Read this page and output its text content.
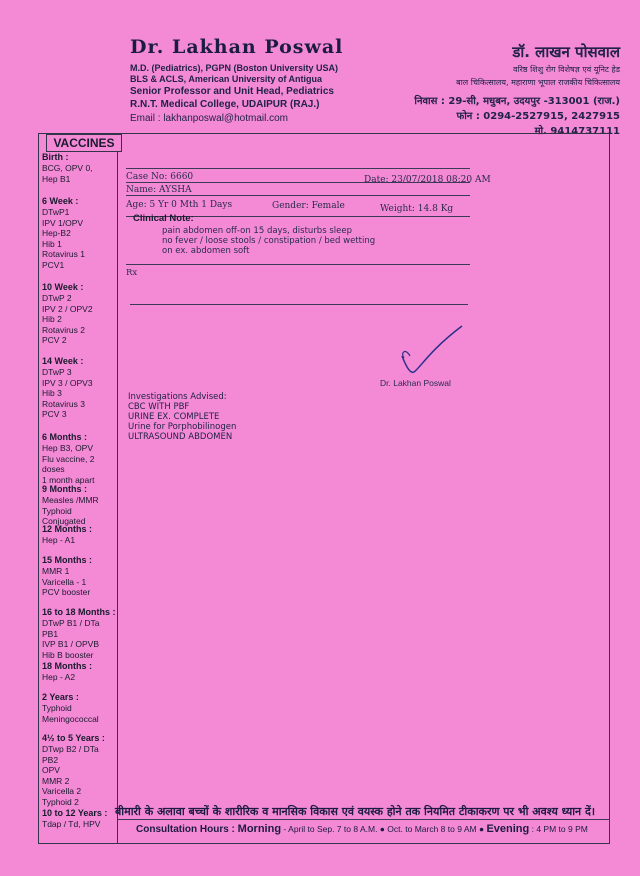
Dr. Lakhan Poswal
M.D. (Pediatrics), PGPN (Boston University USA)
BLS & ACLS, American University of Antigua
Senior Professor and Unit Head, Pediatrics
R.N.T. Medical College, UDAIPUR (RAJ.)
Email : lakhanposwal@hotmail.com
डॉ. लाखन पोसवाल
वरिष्ठ शिशु रोग विशेषज्ञ एवं यूनिट हेड
बाल चिकित्सालय, महाराणा भूपाल राजकीय चिकित्सालय
निवास : 29-सी, मधुबन, उदयपुर -313001 (राज.)
फोन : 0294-2527915, 2427915
मो. 9414737111
VACCINES
Birth :
BCG, OPV 0,
Hep B1
6 Week :
DTwP1
IPV 1/OPV
Hep-B2
Hib 1
Rotavirus 1
PCV1
10 Week :
DTwP 2
IPV 2 / OPV2
Hib 2
Rotavirus 2
PCV 2
14 Week :
DTwP 3
IPV 3 / OPV3
Hib 3
Rotavirus 3
PCV 3
6 Months :
Hep B3, OPV
Flu vaccine, 2 doses
1 month apart
9 Months :
Measles /MMR
Typhoid Conjugated
12 Months :
Hep - A1
15 Months :
MMR 1
Varicella - 1
PCV booster
16 to 18 Months :
DTwP B1 / DTa PB1
IVP B1 / OPVB
Hib B booster
18 Months :
Hep - A2
2 Years :
Typhoid
Meningococcal
4½ to 5 Years :
DTwp B2 / DTa PB2
OPV
MMR 2
Varicella 2
Typhoid 2
10 to 12 Years :
Tdap / Td, HPV
Case No: 6660	Date: 23/07/2018 08:20 AM
Name: AYSHA
Age: 5 Yr 0 Mth 1 Days	Gender: Female	Weight: 14.8 Kg
Clinical Note:
pain abdomen off-on 15 days, disturbs sleep
no fever / loose stools / constipation / bed wetting
on ex. abdomen soft
Rx
Dr. Lakhan Poswal
Investigations Advised:
CBC WITH PBF
URINE EX. COMPLETE
Urine for Porphobilinogen
ULTRASOUND ABDOMEN
बीमारी के अलावा बच्चों के शारीरिक व मानसिक विकास एवं वयस्क होने तक नियमित टीकाकरण पर भी अवश्य ध्यान दें।
Consultation Hours : Morning - April to Sep. 7 to 8 A.M. ● Oct. to March 8 to 9 AM ● Evening : 4 PM to 9 PM
